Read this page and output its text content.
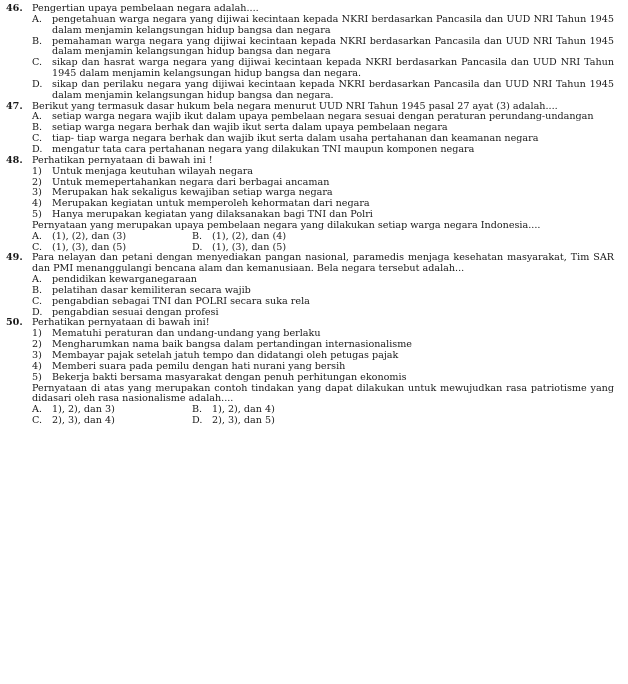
46. Pengertian upaya pembelaan negara adalah....
A.	pengetahuan warga negara yang dijiwai kecintaan kepada NKRI berdasarkan Pancasila dan UUD NRI Tahun 1945 dalam menjamin kelangsungan hidup bangsa dan negara
B.	pemahaman warga negara yang dijiwai kecintaan kepada NKRI berdasarkan Pancasila dan UUD NRI Tahun 1945 dalam menjamin kelangsungan hidup bangsa dan negara
C.	sikap dan hasrat warga negara yang dijiwai kecintaan kepada NKRI berdasarkan Pancasila dan UUD NRI Tahun 1945 dalam menjamin kelangsungan hidup bangsa dan negara.
D. sikap dan perilaku negara yang dijiwai kecintaan kepada NKRI berdasarkan Pancasila dan UUD NRI Tahun 1945 dalam menjamin kelangsungan hidup bangsa dan negara.
47. Berikut yang termasuk dasar hukum bela negara menurut UUD NRI Tahun 1945 pasal 27 ayat (3) adalah....
A.	setiap warga negara wajib ikut dalam upaya pembelaan negara sesuai dengan peraturan perundang-undangan
B.	setiap warga negara berhak dan wajib ikut serta dalam upaya pembelaan negara
C.	tiap- tiap warga negara berhak dan wajib ikut serta dalam usaha pertahanan dan keamanan negara
D. mengatur tata cara pertahanan negara yang dilakukan TNI maupun komponen negara
48. Perhatikan pernyataan di bawah ini !
1)	Untuk menjaga keutuhan wilayah negara
2)	Untuk memepertahankan negara dari berbagai ancaman
3)	Merupakan hak sekaligus kewajiban setiap warga negara
4)	Merupakan kegiatan untuk memperoleh kehormatan dari negara
5)	Hanya merupakan kegiatan yang dilaksanakan bagi TNI dan Polri
Pernyataan yang merupakan upaya pembelaan negara yang dilakukan setiap warga negara Indonesia....
A.	(1), (2), dan (3)	B.	(1), (2), dan (4)
C.	(1), (3), dan (5)	D. (1), (3), dan (5)
49. Para nelayan dan petani dengan menyediakan pangan nasional, paramedis menjaga kesehatan masyarakat, Tim SAR dan PMI menanggulangi bencana alam dan kemanusiaan. Bela negara tersebut adalah...
A.	pendidikan kewarganegaraan
B.	pelatihan dasar kemiliteran secara wajib
C.	pengabdian sebagai TNI dan POLRI secara suka rela
D. pengabdian sesuai dengan profesi
50. Perhatikan pernyataan di bawah ini!
1)	Mematuhi peraturan dan undang-undang yang berlaku
2)	Mengharumkan nama baik bangsa dalam pertandingan internasionalisme
3)	Membayar pajak setelah jatuh tempo dan didatangi oleh petugas pajak
4)	Memberi suara pada pemilu dengan hati nurani yang bersih
5)	Bekerja bakti bersama masyarakat dengan penuh perhitungan ekonomis
Pernyataan di atas yang merupakan contoh tindakan yang dapat dilakukan untuk mewujudkan rasa patriotisme yang didasari oleh rasa nasionalisme adalah....
A.	1), 2), dan 3)	B.	1), 2), dan 4)
C.	2), 3), dan 4)	D. 2), 3), dan 5)
